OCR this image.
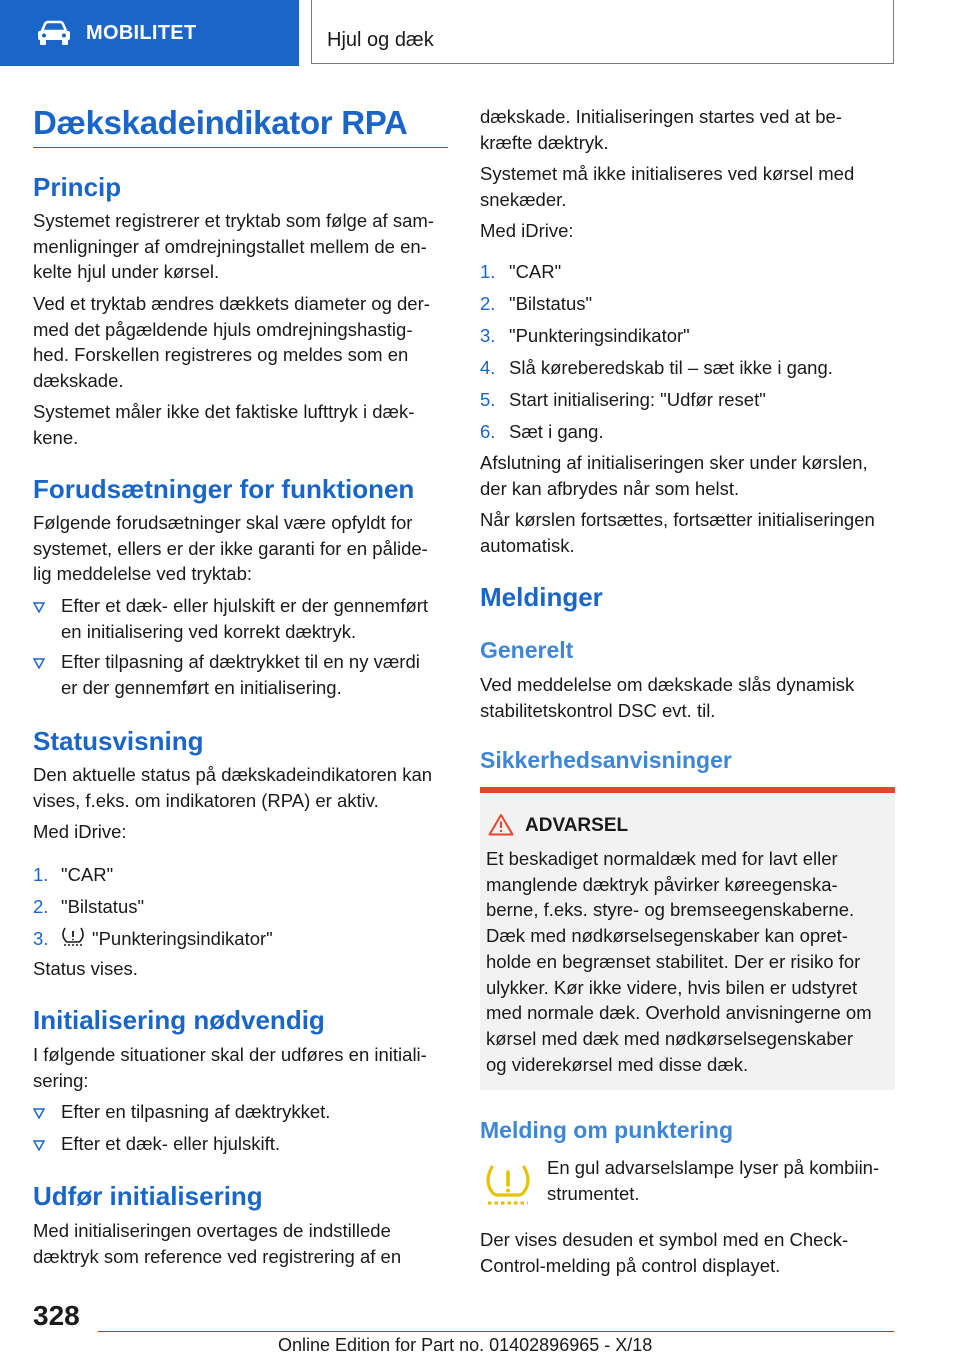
MOBILITET	Hjul og dæk
Dækskadeindikator RPA
Princip
Systemet registrerer et tryktab som følge af sam-
menligninger af omdrejningstallet mellem de en-
kelte hjul under kørsel.
Ved et tryktab ændres dækkets diameter og der-
med det pågældende hjuls omdrejningshastig-
hed. Forskellen registreres og meldes som en
dækskade.
Systemet måler ikke det faktiske lufttryk i dæk-
kene.
Forudsætninger for funktionen
Følgende forudsætninger skal være opfyldt for
systemet, ellers er der ikke garanti for en pålide-
lig meddelelse ved tryktab:
Efter et dæk- eller hjulskift er der gennemført
en initialisering ved korrekt dæktryk.
Efter tilpasning af dæktrykket til en ny værdi
er der gennemført en initialisering.
Statusvisning
Den aktuelle status på dækskadeindikatoren kan
vises, f.eks. om indikatoren (RPA) er aktiv.
Med iDrive:
1. "CAR"
2. "Bilstatus"
3. "Punkteringsindikator"
Status vises.
Initialisering nødvendig
I følgende situationer skal der udføres en initiali-
sering:
Efter en tilpasning af dæktrykket.
Efter et dæk- eller hjulskift.
Udfør initialisering
Med initialiseringen overtages de indstillede
dæktryk som reference ved registrering af en
dækskade. Initialiseringen startes ved at be-
kræfte dæktryk.
Systemet må ikke initialiseres ved kørsel med
snekæder.
Med iDrive:
1. "CAR"
2. "Bilstatus"
3. "Punkteringsindikator"
4. Slå køreberedskab til – sæt ikke i gang.
5. Start initialisering: "Udfør reset"
6. Sæt i gang.
Afslutning af initialiseringen sker under kørslen,
der kan afbrydes når som helst.
Når kørslen fortsættes, fortsætter initialiseringen
automatisk.
Meldinger
Generelt
Ved meddelelse om dækskade slås dynamisk
stabilitetskontrol DSC evt. til.
Sikkerhedsanvisninger
ADVARSEL
Et beskadiget normaldæk med for lavt eller
manglende dæktryk påvirker køreegenska-
berne, f.eks. styre- og bremseegenskaberne.
Dæk med nødkørselsegenskaber kan opret-
holde en begrænset stabilitet. Der er risiko for
ulykker. Kør ikke videre, hvis bilen er udstyret
med normale dæk. Overhold anvisningerne om
kørsel med dæk med nødkørselsegenskaber
og viderekørsel med disse dæk.
Melding om punktering
En gul advarselslampe lyser på kombiin-
strumentet.
Der vises desuden et symbol med en Check-
Control-melding på control displayet.
328
Online Edition for Part no. 01402896965 - X/18
